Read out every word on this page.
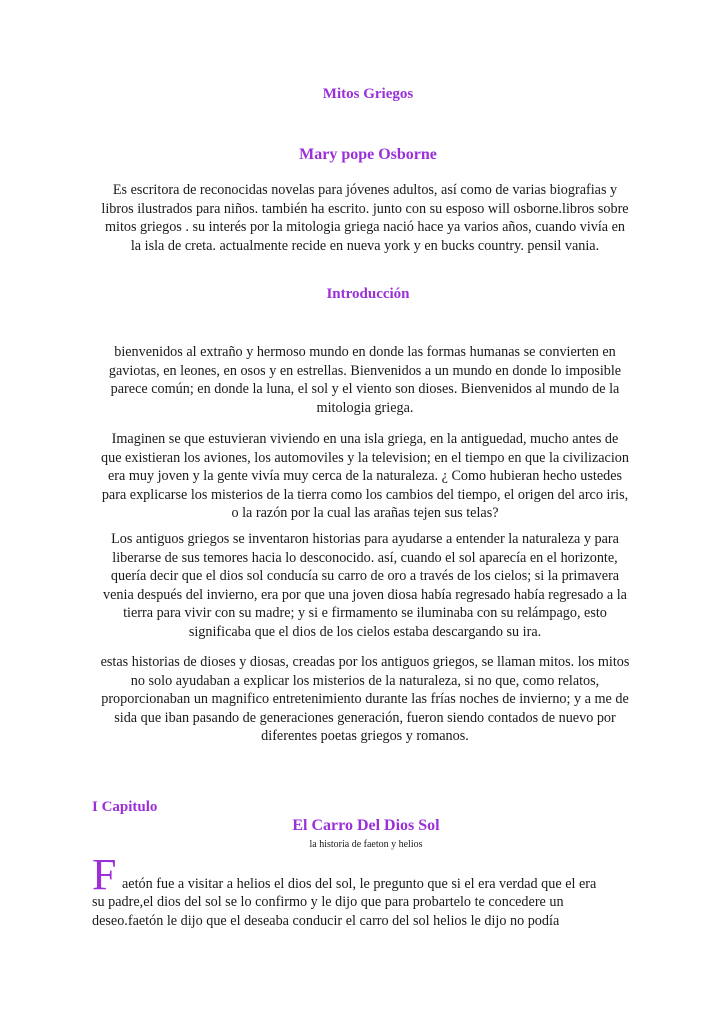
Mitos Griegos
Mary pope Osborne

Es escritora de reconocidas novelas para jóvenes adultos, así como de varias biografias y libros ilustrados para niños. también ha escrito. junto con su esposo will osborne.libros sobre mitos griegos . su interés por la mitologia griega nació hace ya varios años, cuando vivía en la isla de creta. actualmente recide en nueva york y en bucks country. pensil vania.

Introducción

bienvenidos al extraño y hermoso mundo en donde las formas humanas se convierten en gaviotas, en leones, en osos y en estrellas. Bienvenidos a un mundo en donde lo imposible parece común; en donde la luna, el sol y el viento son dioses. Bienvenidos al mundo de la mitologia griega.

Imaginen se que estuvieran viviendo en una isla griega, en la antiguedad, mucho antes de que existieran los aviones, los automoviles y la television; en el tiempo en que la civilizacion era muy joven y la gente vivía muy cerca de la naturaleza. ¿ Como hubieran hecho ustedes para explicarse los misterios de la tierra como los cambios del tiempo, el origen del arco iris, o la razón por la cual las arañas tejen sus telas?

Los antiguos griegos se inventaron historias para ayudarse a entender la naturaleza y para liberarse de sus temores hacia lo desconocido. así, cuando el sol aparecía en el horizonte, quería decir que el dios sol conducía su carro de oro a través de los cielos; si la primavera venia después del invierno, era por que una joven diosa había regresado había regresado a la tierra para vivir con su madre; y si e firmamento se iluminaba con su relámpago, esto significaba que el dios de los cielos estaba descargando su ira.

estas historias de dioses y diosas, creadas por los antiguos griegos, se llaman mitos. los mitos no solo ayudaban a explicar los misterios de la naturaleza, si no que, como relatos, proporcionaban un magnifico entretenimiento durante las frías noches de invierno; y a me de sida que iban pasando de generaciones generación, fueron siendo contados de nuevo por diferentes poetas griegos y romanos.

I Capitulo
El Carro Del Dios Sol
la historia de faeton y helios
F aetón fue a visitar a helios el dios del sol, le pregunto que si el era verdad que el era
su padre,el dios del sol se lo confirmo y le dijo que para probartelo te concedere un
deseo.faetón le dijo que el deseaba conducir el carro del sol helios le dijo no podía
